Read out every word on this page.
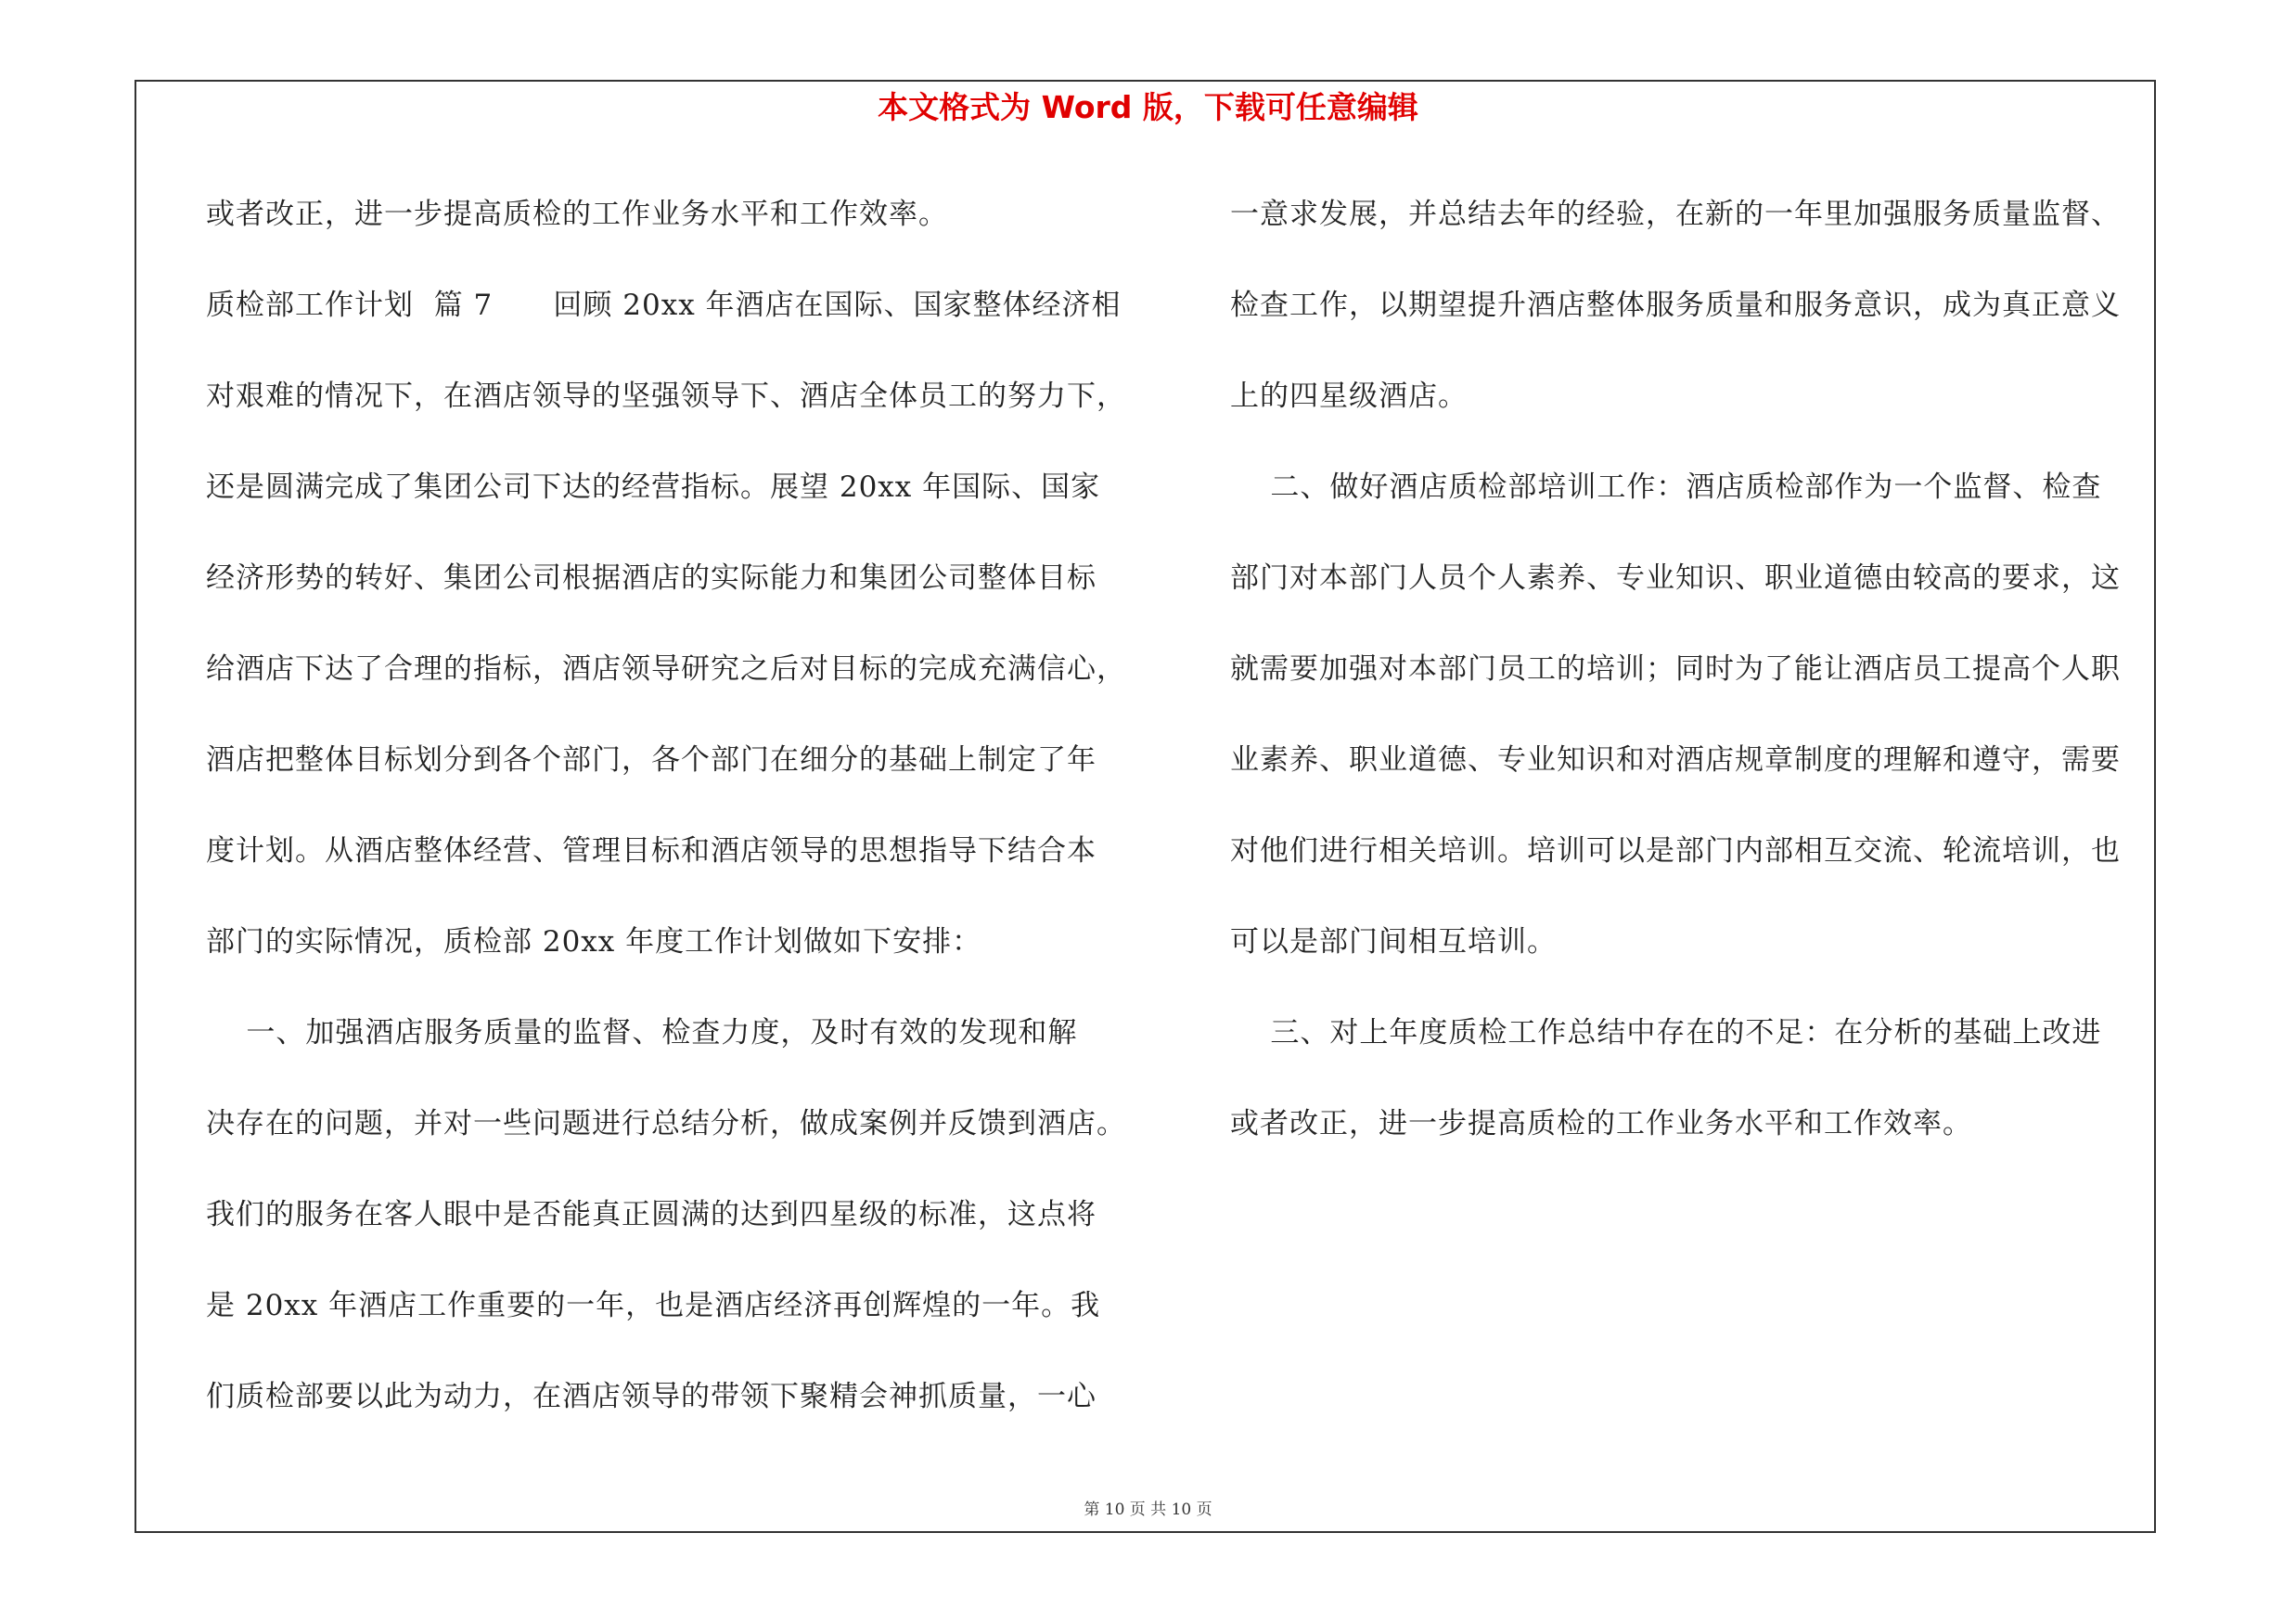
本文格式为 Word 版，下载可任意编辑
或者改正，进一步提高质检的工作业务水平和工作效率。
质检部工作计划  篇 7      回顾 20xx 年酒店在国际、国家整体经济相
对艰难的情况下，在酒店领导的坚强领导下、酒店全体员工的努力下，
还是圆满完成了集团公司下达的经营指标。展望 20xx 年国际、国家
经济形势的转好、集团公司根据酒店的实际能力和集团公司整体目标
给酒店下达了合理的指标，酒店领导研究之后对目标的完成充满信心，
酒店把整体目标划分到各个部门，各个部门在细分的基础上制定了年
度计划。从酒店整体经营、管理目标和酒店领导的思想指导下结合本
部门的实际情况，质检部 20xx 年度工作计划做如下安排：
一、加强酒店服务质量的监督、检查力度，及时有效的发现和解
决存在的问题，并对一些问题进行总结分析，做成案例并反馈到酒店。
我们的服务在客人眼中是否能真正圆满的达到四星级的标准，这点将
是 20xx 年酒店工作重要的一年，也是酒店经济再创辉煌的一年。我
们质检部要以此为动力，在酒店领导的带领下聚精会神抓质量，一心
一意求发展，并总结去年的经验，在新的一年里加强服务质量监督、
检查工作，以期望提升酒店整体服务质量和服务意识，成为真正意义
上的四星级酒店。
二、做好酒店质检部培训工作：酒店质检部作为一个监督、检查
部门对本部门人员个人素养、专业知识、职业道德由较高的要求，这
就需要加强对本部门员工的培训；同时为了能让酒店员工提高个人职
业素养、职业道德、专业知识和对酒店规章制度的理解和遵守，需要
对他们进行相关培训。培训可以是部门内部相互交流、轮流培训，也
可以是部门间相互培训。
三、对上年度质检工作总结中存在的不足：在分析的基础上改进
或者改正，进一步提高质检的工作业务水平和工作效率。
第 10 页 共 10 页
